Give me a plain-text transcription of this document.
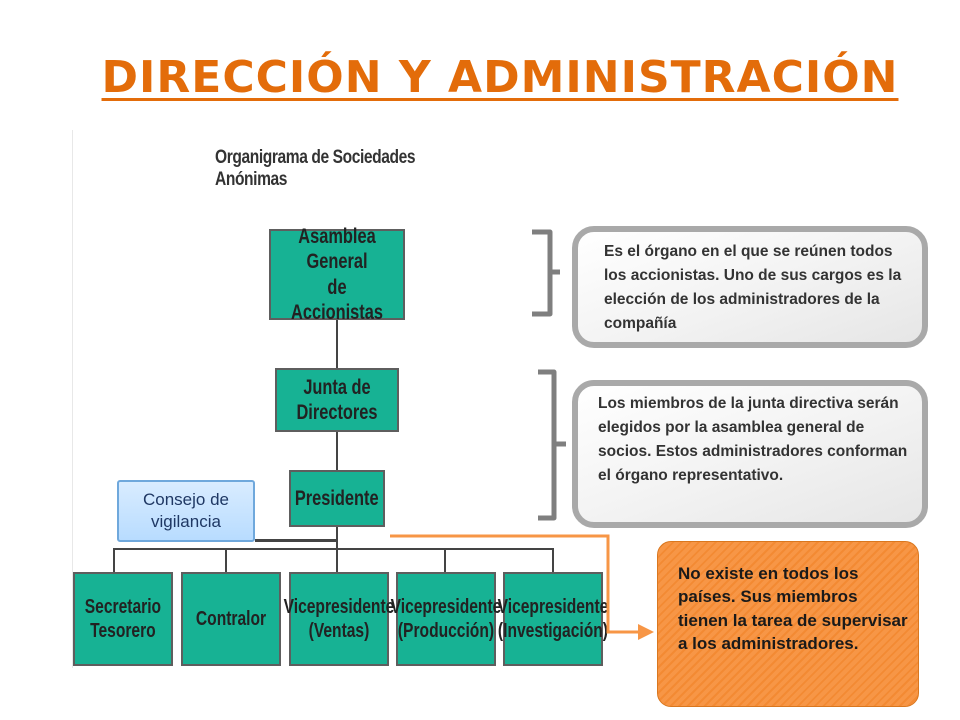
DIRECCIÓN Y ADMINISTRACIÓN
Organigrama de Sociedades Anónimas
Asamblea General
de Accionistas
Junta de Directores
Presidente
Secretario
Tesorero
Contralor
Vicepresidente
(Ventas)
Vicepresidente
(Producción)
Vicepresidente
(Investigación)
Consejo de
vigilancia
Es el órgano en el que se reúnen todos los accionistas. Uno de sus cargos es la elección de los administradores de la compañía
Los miembros de la junta directiva serán elegidos por la asamblea general de socios. Estos administradores conforman el órgano representativo.
No existe en todos los países. Sus miembros tienen la tarea de supervisar a los administradores.
